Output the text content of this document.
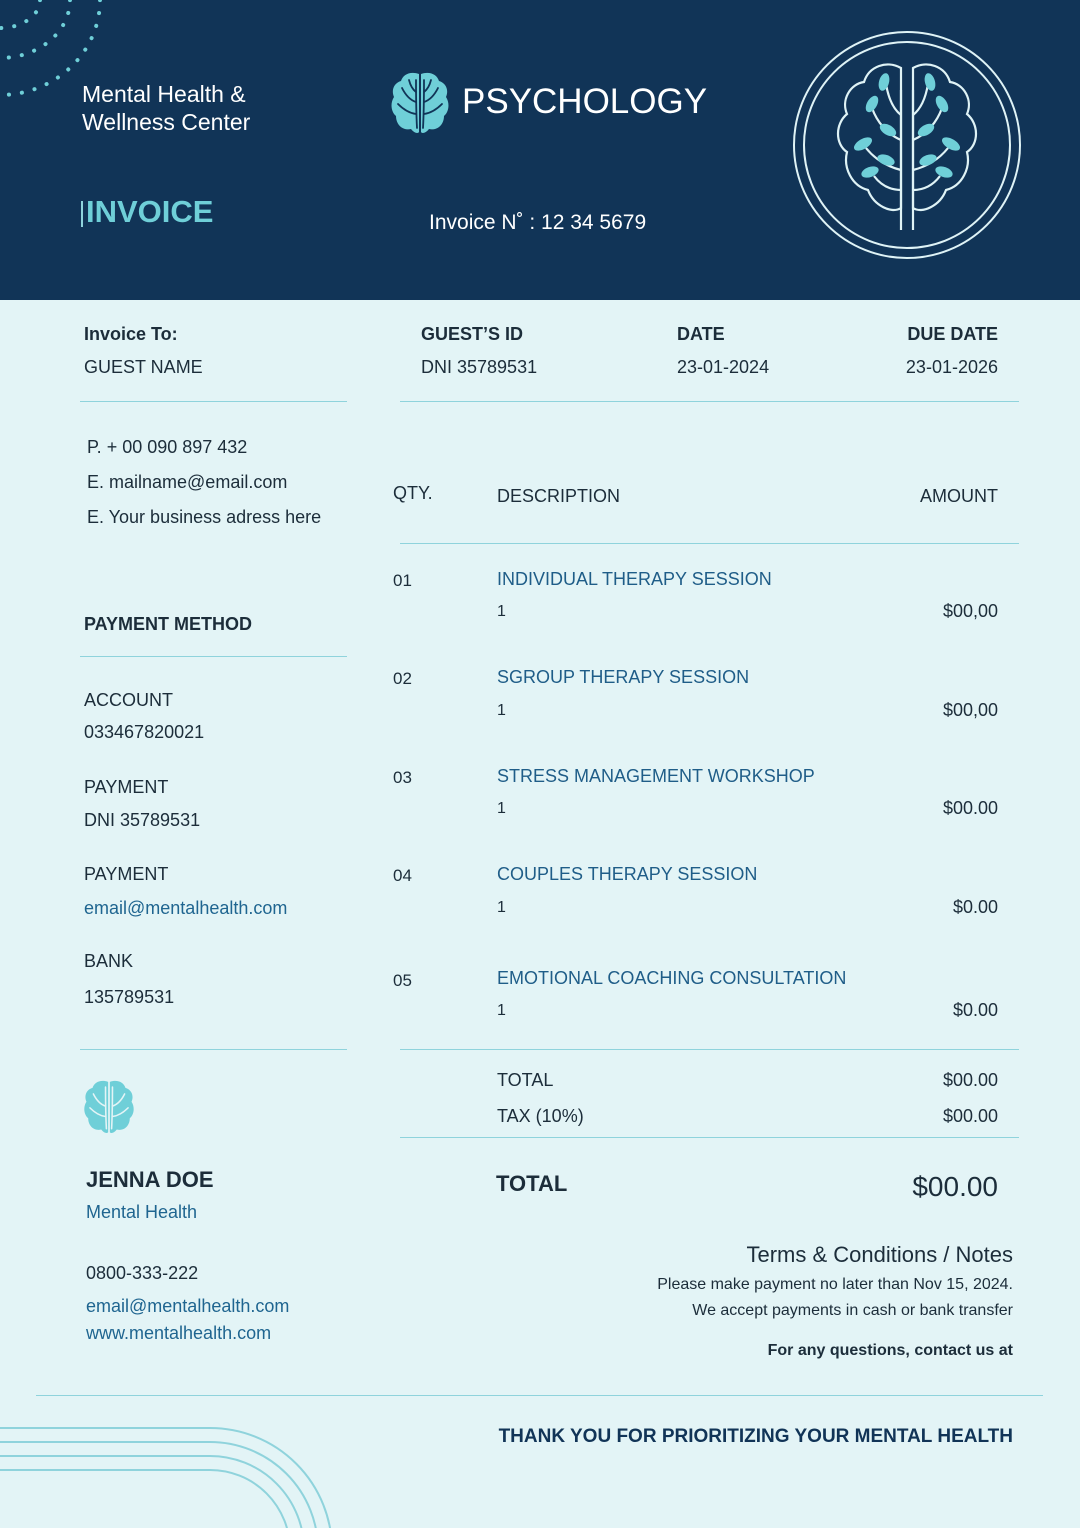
Mental Health &
Wellness Center
PSYCHOLOGY
INVOICE	Invoice N˚ : 12 34 5679
Invoice To:
GUEST NAME
GUEST’S ID
DNI 35789531
DATE
23-01-2024
DUE DATE
23-01-2026
P. + 00 090 897 432
E. mailname@email.com
E. Your business adress here
PAYMENT METHOD
ACCOUNT
033467820021
PAYMENT
DNI 35789531
PAYMENT
email@mentalhealth.com
BANK
135789531
QTY.	DESCRIPTION	AMOUNT
01	INDIVIDUAL THERAPY SESSION
1	$00,00
02	SGROUP THERAPY SESSION
1	$00,00
03	STRESS MANAGEMENT WORKSHOP
1	$00.00
04	COUPLES THERAPY SESSION
1	$0.00
05	EMOTIONAL COACHING CONSULTATION
1	$0.00
TOTAL	$00.00
TAX (10%)	$00.00
TOTAL	$00.00
JENNA DOE
Mental Health
0800-333-222
email@mentalhealth.com
www.mentalhealth.com
Terms & Conditions / Notes
Please make payment no later than Nov 15, 2024.
We accept payments in cash or bank transfer
For any questions, contact us at
THANK YOU FOR PRIORITIZING YOUR MENTAL HEALTH
